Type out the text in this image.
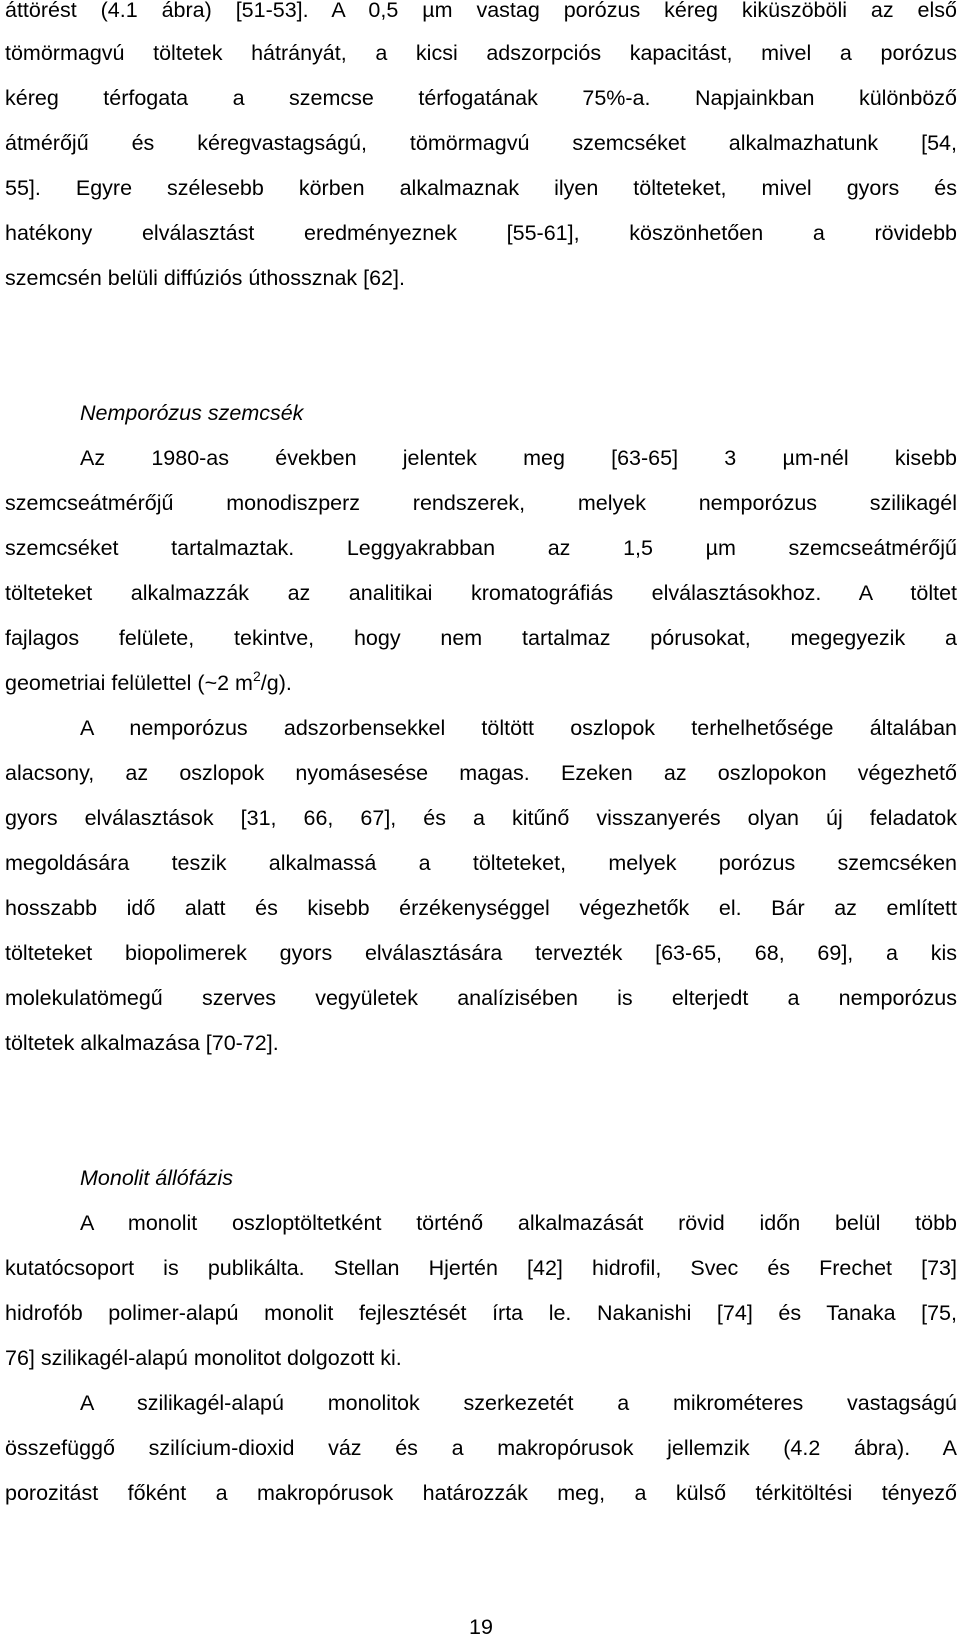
áttörést (4.1 ábra) [51-53]. A 0,5 µm vastag porózus kéreg kiküszöböli az első
tömörmagvú töltetek hátrányát, a kicsi adszorpciós kapacitást, mivel a porózus
kéreg térfogata a szemcse térfogatának 75%-a. Napjainkban különböző
átmérőjű és kéregvastagságú, tömörmagvú szemcséket alkalmazhatunk [54,
55]. Egyre szélesebb körben alkalmaznak ilyen tölteteket, mivel gyors és
hatékony elválasztást eredményeznek [55-61], köszönhetően a rövidebb
szemcsén belüli diffúziós úthossznak [62].
Nemporózus szemcsék
Az 1980-as években jelentek meg [63-65] 3 µm-nél kisebb
szemcseátmérőjű monodiszperz rendszerek, melyek nemporózus szilikagél
szemcséket tartalmaztak. Leggyakrabban az 1,5 µm szemcseátmérőjű
tölteteket alkalmazzák az analitikai kromatográfiás elválasztásokhoz. A töltet
fajlagos felülete, tekintve, hogy nem tartalmaz pórusokat, megegyezik a
geometriai felülettel (~2 $m^2/g$).
A nemporózus adszorbensekkel töltött oszlopok terhelhetősége általában
alacsony, az oszlopok nyomásesése magas. Ezeken az oszlopokon végezhető
gyors elválasztások [31, 66, 67], és a kitűnő visszanyerés olyan új feladatok
megoldására teszik alkalmassá a tölteteket, melyek porózus szemcséken
hosszabb idő alatt és kisebb érzékenységgel végezhetők el. Bár az említett
tölteteket biopolimerek gyors elválasztására tervezték [63-65, 68, 69], a kis
molekulatömegű szerves vegyületek analízisében is elterjedt a nemporózus
töltetek alkalmazása [70-72].
Monolit állófázis
A monolit oszloptöltetként történő alkalmazását rövid időn belül több
kutatócsoport is publikálta. Stellan Hjertén [42] hidrofil, Svec és Frechet [73]
hidrofób polimer-alapú monolit fejlesztését írta le. Nakanishi [74] és Tanaka [75,
76] szilikagél-alapú monolitot dolgozott ki.
A szilikagél-alapú monolitok szerkezetét a mikrométeres vastagságú
összefüggő szilícium-dioxid váz és a makropórusok jellemzik (4.2 ábra). A
porozitást főként a makropórusok határozzák meg, a külső térkitöltési tényező
19
